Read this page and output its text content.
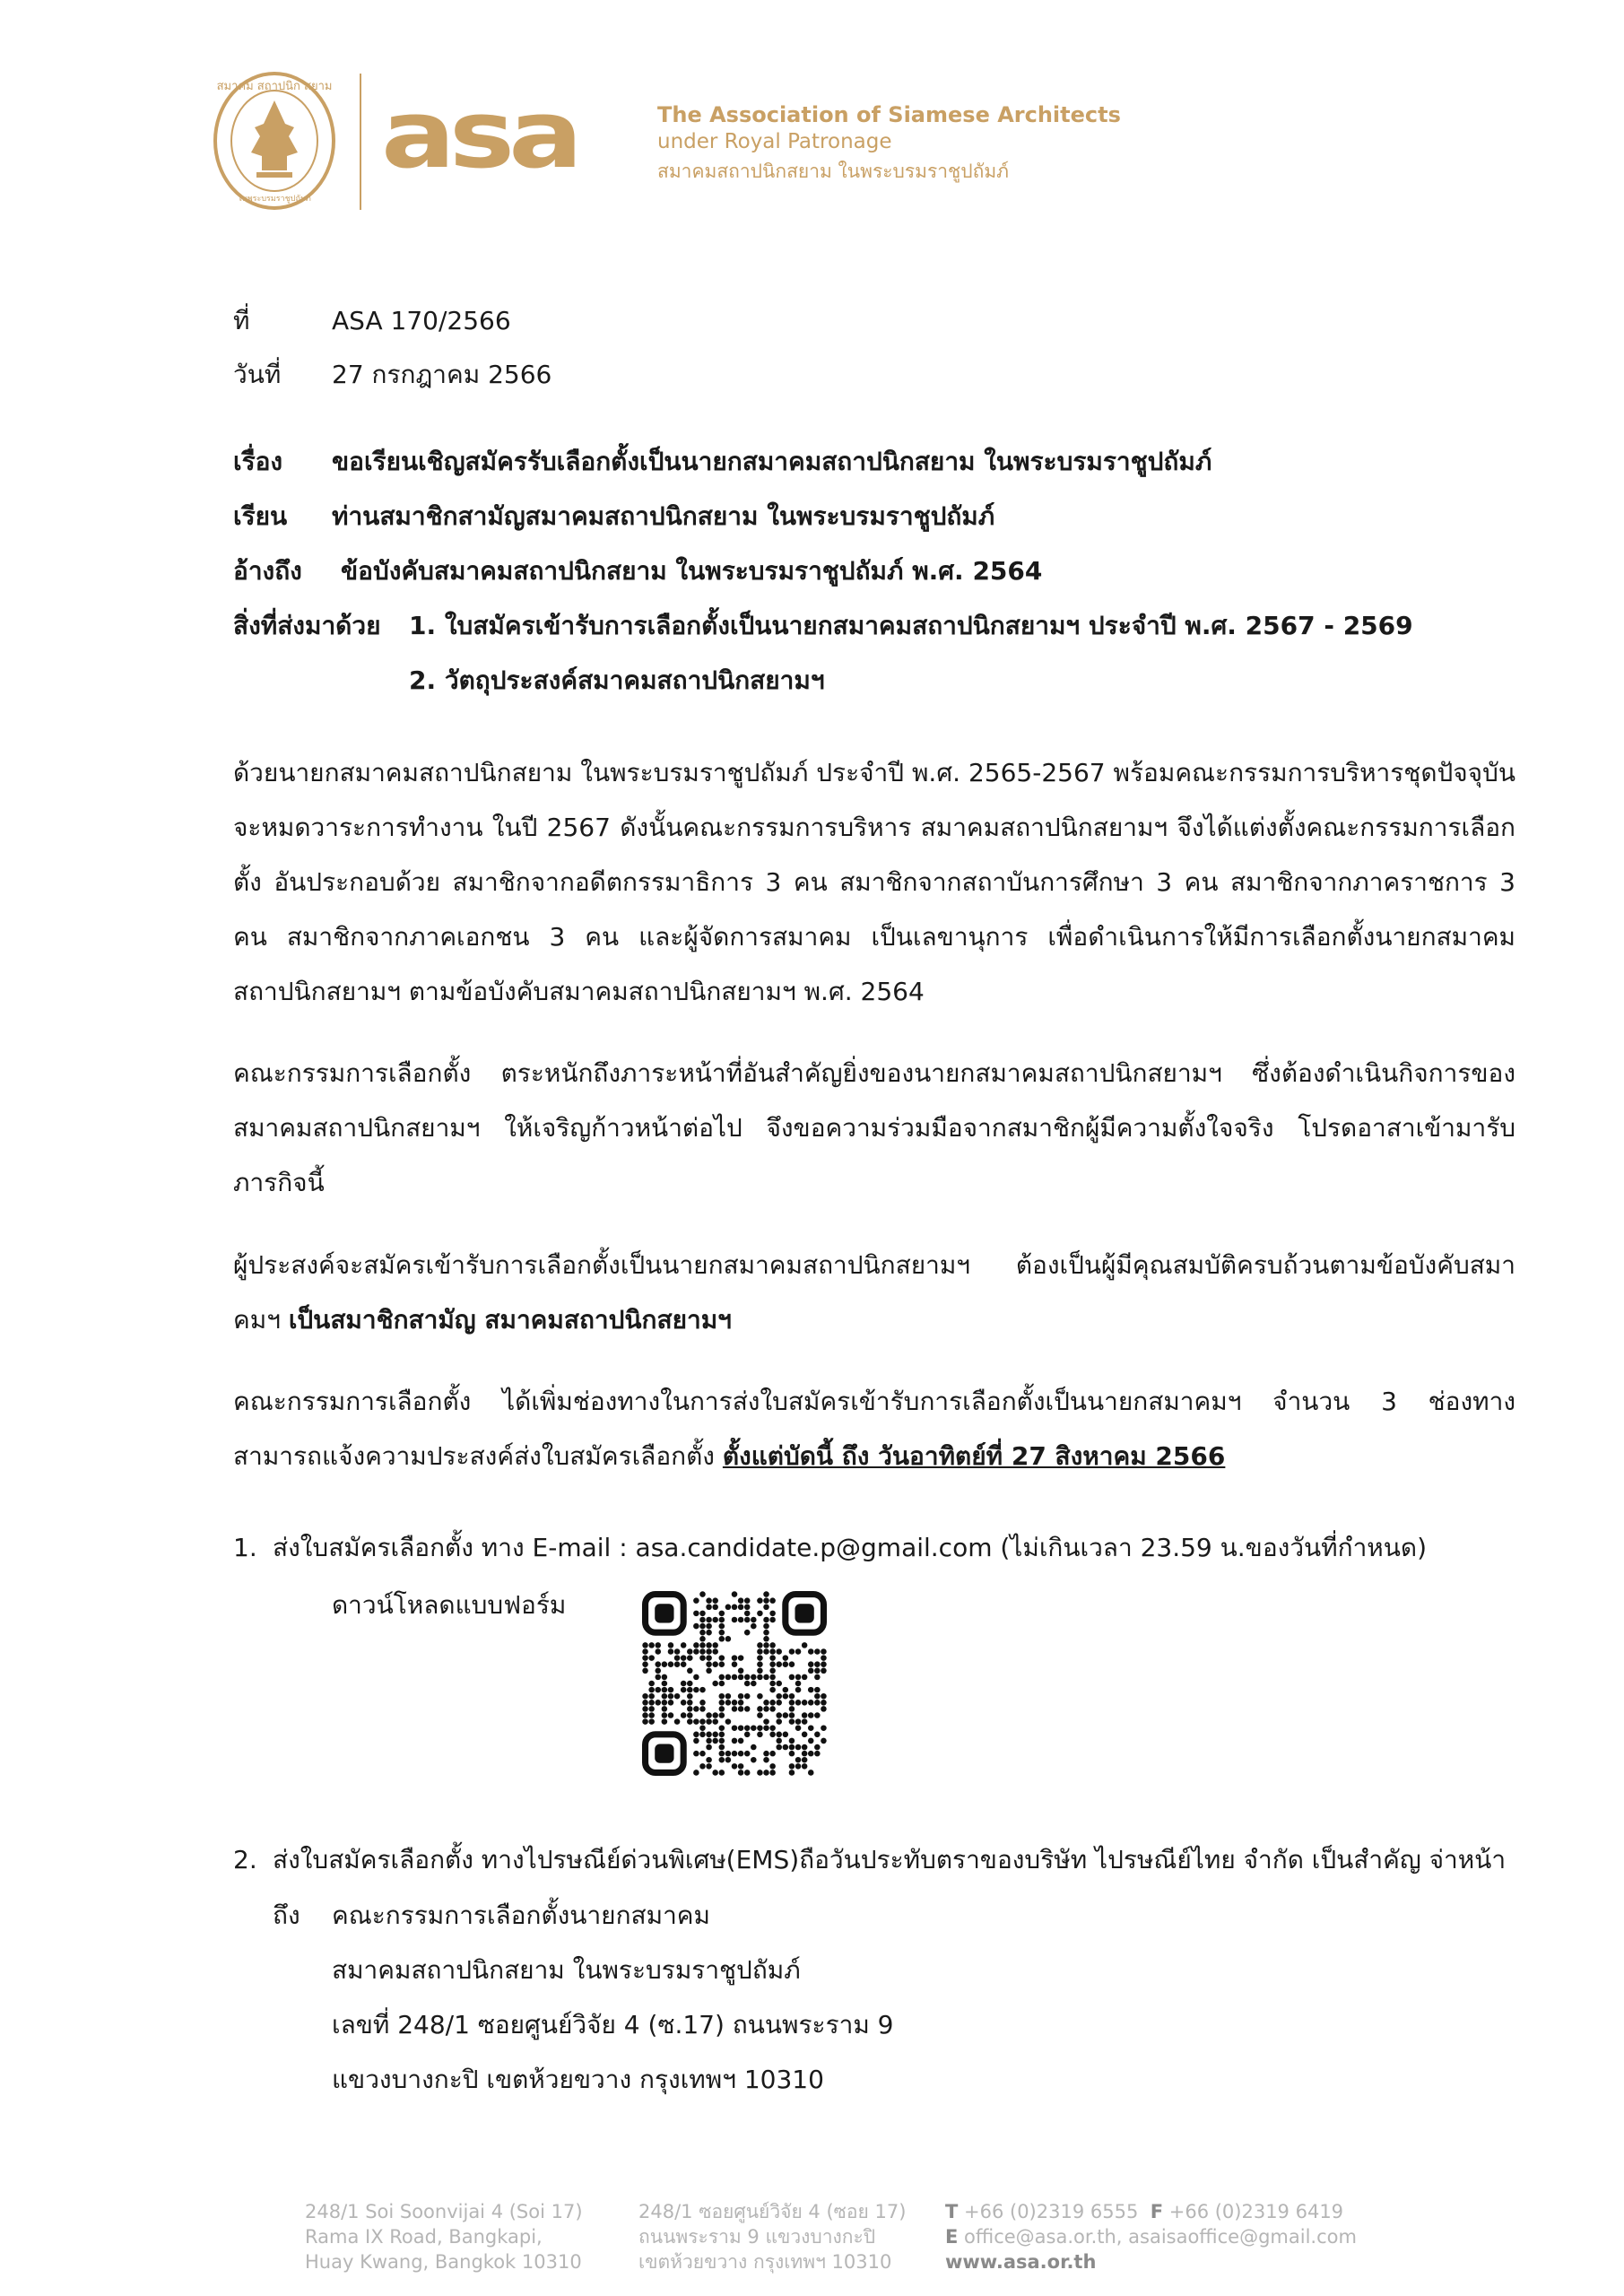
สมาคม สถาปนิก สยาม
ในพระบรมราชูปถัมภ์
asa	The Association of Siamese Architects
under Royal Patronage
สมาคมสถาปนิกสยาม ในพระบรมราชูปถัมภ์
ที่	ASA 170/2566
วันที่ 27 กรกฎาคม 2566
เรื่อง ขอเรียนเชิญสมัครรับเลือกตั้งเป็นนายกสมาคมสถาปนิกสยาม ในพระบรมราชูปถัมภ์
เรียน ท่านสมาชิกสามัญสมาคมสถาปนิกสยาม ในพระบรมราชูปถัมภ์
อ้างถึง ข้อบังคับสมาคมสถาปนิกสยาม ในพระบรมราชูปถัมภ์ พ.ศ. 2564
สิ่งที่ส่งมาด้วย 1. ใบสมัครเข้ารับการเลือกตั้งเป็นนายกสมาคมสถาปนิกสยามฯ ประจำปี พ.ศ. 2567 - 2569
2. วัตถุประสงค์สมาคมสถาปนิกสยามฯ
ด้วยนายกสมาคมสถาปนิกสยาม ในพระบรมราชูปถัมภ์ ประจำปี พ.ศ. 2565-2567 พร้อมคณะกรรมการบริหารชุดปัจจุบันจะหมดวาระการทำงาน ในปี 2567 ดังนั้นคณะกรรมการบริหาร สมาคมสถาปนิกสยามฯ จึงได้แต่งตั้งคณะกรรมการเลือกตั้ง อันประกอบด้วย สมาชิกจากอดีตกรรมาธิการ 3 คน สมาชิกจากสถาบันการศึกษา 3 คน สมาชิกจากภาคราชการ 3 คน สมาชิกจากภาคเอกชน 3 คน และผู้จัดการสมาคม เป็นเลขานุการ เพื่อดำเนินการให้มีการเลือกตั้งนายกสมาคมสถาปนิกสยามฯ ตามข้อบังคับสมาคมสถาปนิกสยามฯ พ.ศ. 2564
คณะกรรมการเลือกตั้ง ตระหนักถึงภาระหน้าที่อันสำคัญยิ่งของนายกสมาคมสถาปนิกสยามฯ ซึ่งต้องดำเนินกิจการของสมาคมสถาปนิกสยามฯ ให้เจริญก้าวหน้าต่อไป จึงขอความร่วมมือจากสมาชิกผู้มีความตั้งใจจริง โปรดอาสาเข้ามารับภารกิจนี้
ผู้ประสงค์จะสมัครเข้ารับการเลือกตั้งเป็นนายกสมาคมสถาปนิกสยามฯ ต้องเป็นผู้มีคุณสมบัติครบถ้วนตามข้อบังคับสมาคมฯ เป็นสมาชิกสามัญ สมาคมสถาปนิกสยามฯ
คณะกรรมการเลือกตั้ง ได้เพิ่มช่องทางในการส่งใบสมัครเข้ารับการเลือกตั้งเป็นนายกสมาคมฯ จำนวน 3 ช่องทาง สามารถแจ้งความประสงค์ส่งใบสมัครเลือกตั้ง ตั้งแต่บัดนี้ ถึง วันอาทิตย์ที่ 27 สิงหาคม 2566
1. ส่งใบสมัครเลือกตั้ง ทาง E-mail : asa.candidate.p@gmail.com (ไม่เกินเวลา 23.59 น.ของวันที่กำหนด)
ดาวน์โหลดแบบฟอร์ม
2. ส่งใบสมัครเลือกตั้ง ทางไปรษณีย์ด่วนพิเศษ(EMS)ถือวันประทับตราของบริษัท ไปรษณีย์ไทย จำกัด เป็นสำคัญ จ่าหน้า
ถึง คณะกรรมการเลือกตั้งนายกสมาคม
สมาคมสถาปนิกสยาม ในพระบรมราชูปถัมภ์
เลขที่ 248/1 ซอยศูนย์วิจัย 4 (ซ.17) ถนนพระราม 9
แขวงบางกะปิ เขตห้วยขวาง กรุงเทพฯ 10310
248/1 Soi Soonvijai 4 (Soi 17)
Rama IX Road, Bangkapi,
Huay Kwang, Bangkok 10310
248/1 ซอยศูนย์วิจัย 4 (ซอย 17)
ถนนพระราม 9 แขวงบางกะปิ
เขตห้วยขวาง กรุงเทพฯ 10310
T +66 (0)2319 6555 F +66 (0)2319 6419
E office@asa.or.th, asaisaoffice@gmail.com
www.asa.or.th
